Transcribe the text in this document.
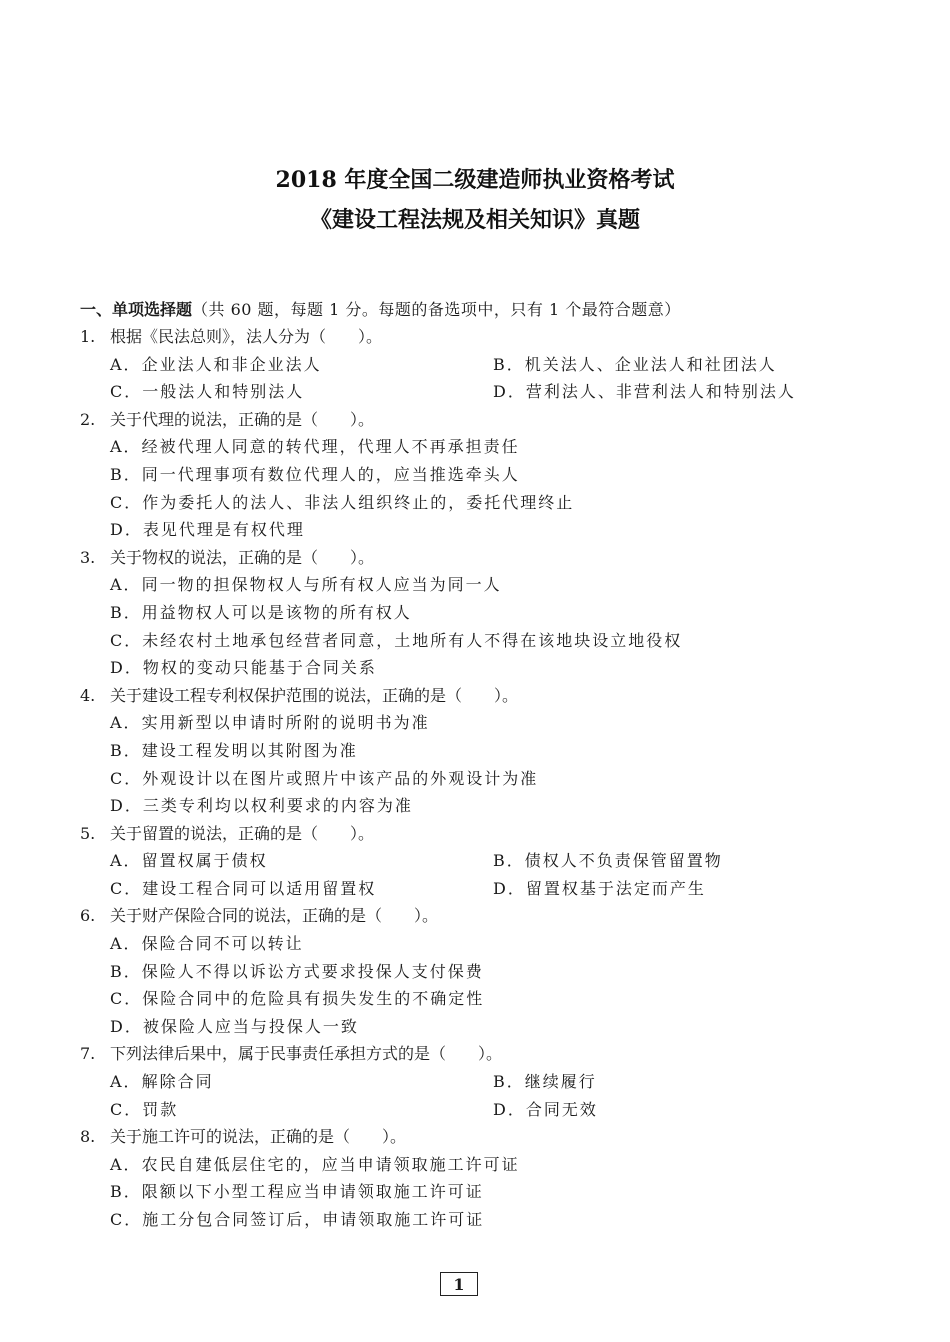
2018 年度全国二级建造师执业资格考试
《建设工程法规及相关知识》真题
一、单项选择题（共 60 题，每题 1 分。每题的备选项中，只有 1 个最符合题意）
1. 根据《民法总则》，法人分为（　　）。
A．企业法人和非企业法人	B．机关法人、企业法人和社团法人
C．一般法人和特别法人	D．营利法人、非营利法人和特别法人
2. 关于代理的说法，正确的是（　　）。
A．经被代理人同意的转代理，代理人不再承担责任
B．同一代理事项有数位代理人的，应当推选牵头人
C．作为委托人的法人、非法人组织终止的，委托代理终止
D．表见代理是有权代理
3. 关于物权的说法，正确的是（　　）。
A．同一物的担保物权人与所有权人应当为同一人
B．用益物权人可以是该物的所有权人
C．未经农村土地承包经营者同意，土地所有人不得在该地块设立地役权
D．物权的变动只能基于合同关系
4. 关于建设工程专利权保护范围的说法，正确的是（　　）。
A．实用新型以申请时所附的说明书为准
B．建设工程发明以其附图为准
C．外观设计以在图片或照片中该产品的外观设计为准
D．三类专利均以权利要求的内容为准
5. 关于留置的说法，正确的是（　　）。
A．留置权属于债权	B．债权人不负责保管留置物
C．建设工程合同可以适用留置权	D．留置权基于法定而产生
6. 关于财产保险合同的说法，正确的是（　　）。
A．保险合同不可以转让
B．保险人不得以诉讼方式要求投保人支付保费
C．保险合同中的危险具有损失发生的不确定性
D．被保险人应当与投保人一致
7. 下列法律后果中，属于民事责任承担方式的是（　　）。
A．解除合同	B．继续履行
C．罚款	D．合同无效
8. 关于施工许可的说法，正确的是（　　）。
A．农民自建低层住宅的，应当申请领取施工许可证
B．限额以下小型工程应当申请领取施工许可证
C．施工分包合同签订后，申请领取施工许可证
1
